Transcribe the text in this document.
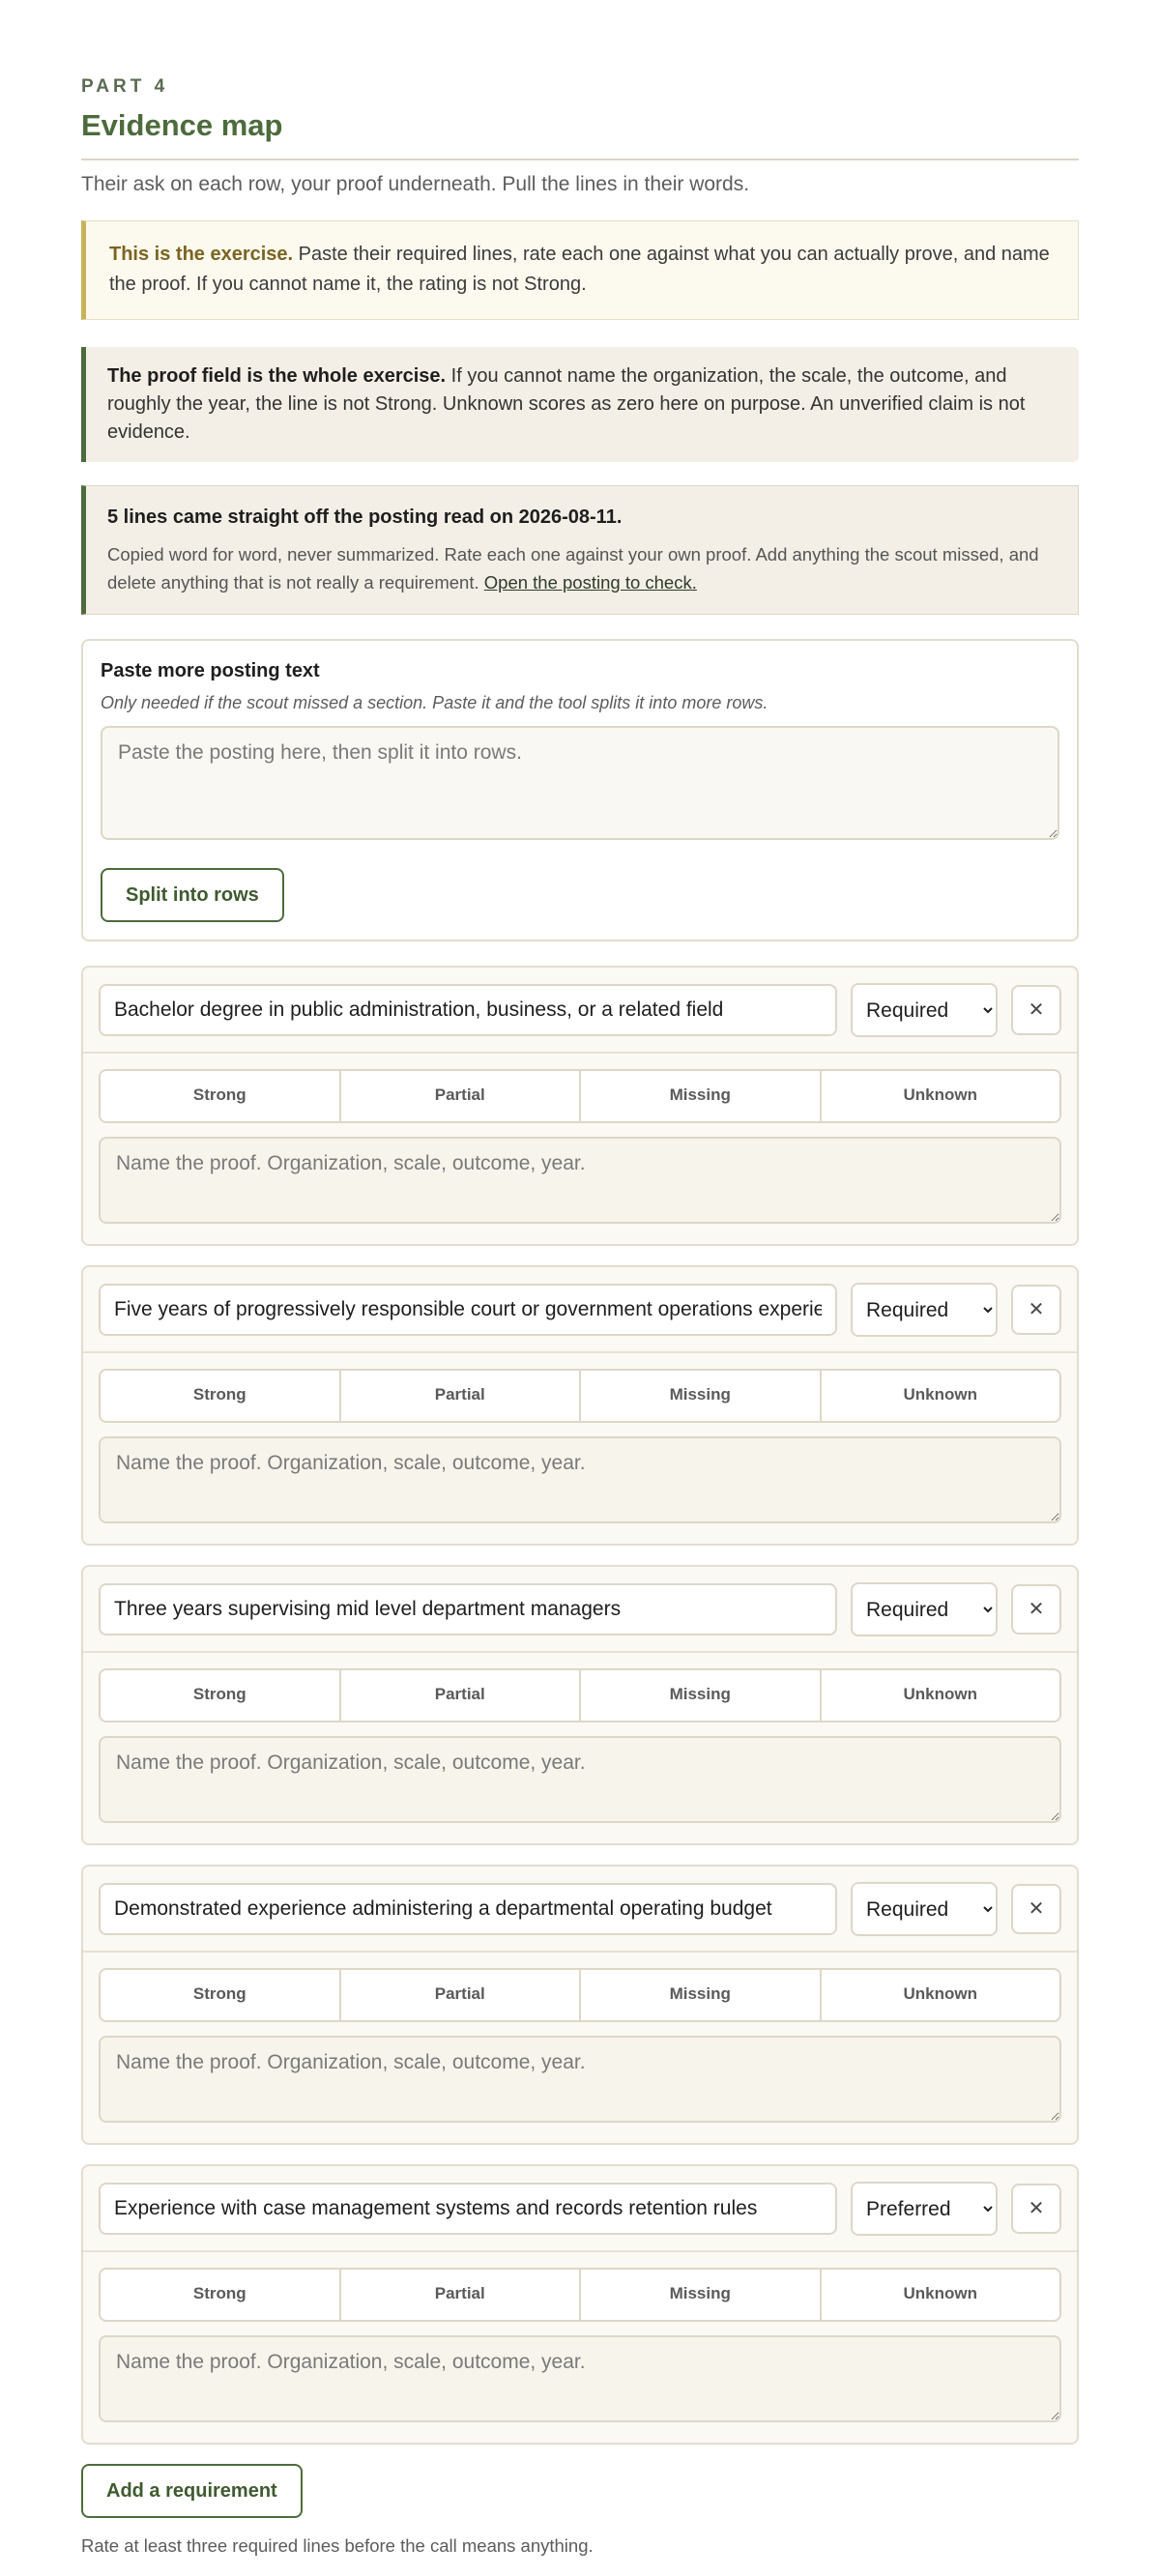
PART 4
Evidence map
Their ask on each row, your proof underneath. Pull the lines in their words.
This is the exercise. Paste their required lines, rate each one against what you can actually prove, and name the proof. If you cannot name it, the rating is not Strong.
The proof field is the whole exercise. If you cannot name the organization, the scale, the outcome, and roughly the year, the line is not Strong. Unknown scores as zero here on purpose. An unverified claim is not evidence.
5 lines came straight off the posting read on 2026-08-11.
Copied word for word, never summarized. Rate each one against your own proof. Add anything the scout missed, and delete anything that is not really a requirement. Open the posting to check.
Paste more posting text
Only needed if the scout missed a section. Paste it and the tool splits it into more rows.
Paste the posting here, then split it into rows.
Split into rows
Bachelor degree in public administration, business, or a related field
Required
✕
Strong	Partial	Missing	Unknown
Name the proof. Organization, scale, outcome, year.
Five years of progressively responsible court or government operations experience
Required
✕
Strong	Partial	Missing	Unknown
Name the proof. Organization, scale, outcome, year.
Three years supervising mid level department managers
Required
✕
Strong	Partial	Missing	Unknown
Name the proof. Organization, scale, outcome, year.
Demonstrated experience administering a departmental operating budget
Required
✕
Strong	Partial	Missing	Unknown
Name the proof. Organization, scale, outcome, year.
Experience with case management systems and records retention rules
Preferred
✕
Strong	Partial	Missing	Unknown
Name the proof. Organization, scale, outcome, year.
Add a requirement
Rate at least three required lines before the call means anything.
